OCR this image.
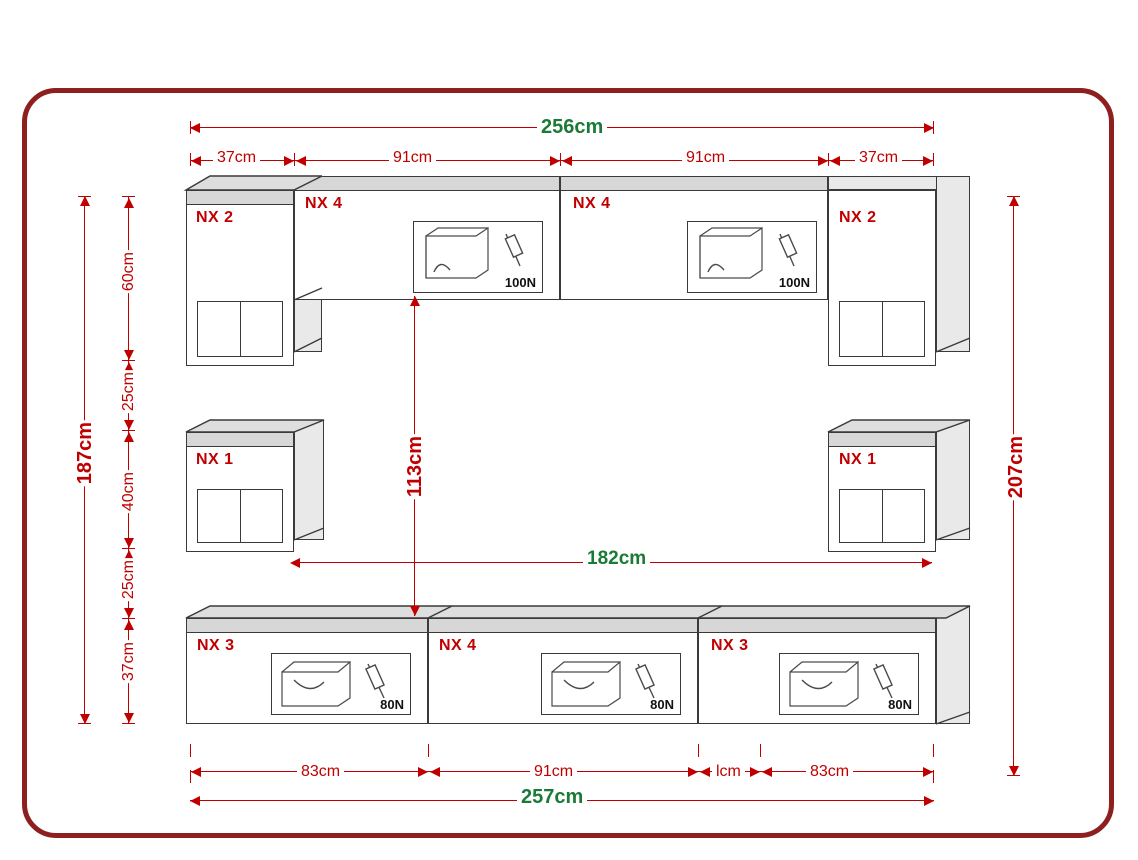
NX 2
NX 4
100N
NX 4
100N
NX 2
NX 1	NX 1
NX 3
80N
NX 4
80N
NX 3
80N
256cm
37cm	91cm	91cm	37cm
187cm
60cm
25cm
40cm
25cm
37cm
207cm
113cm
182cm
83cm	91cm	lcm	83cm
257cm
